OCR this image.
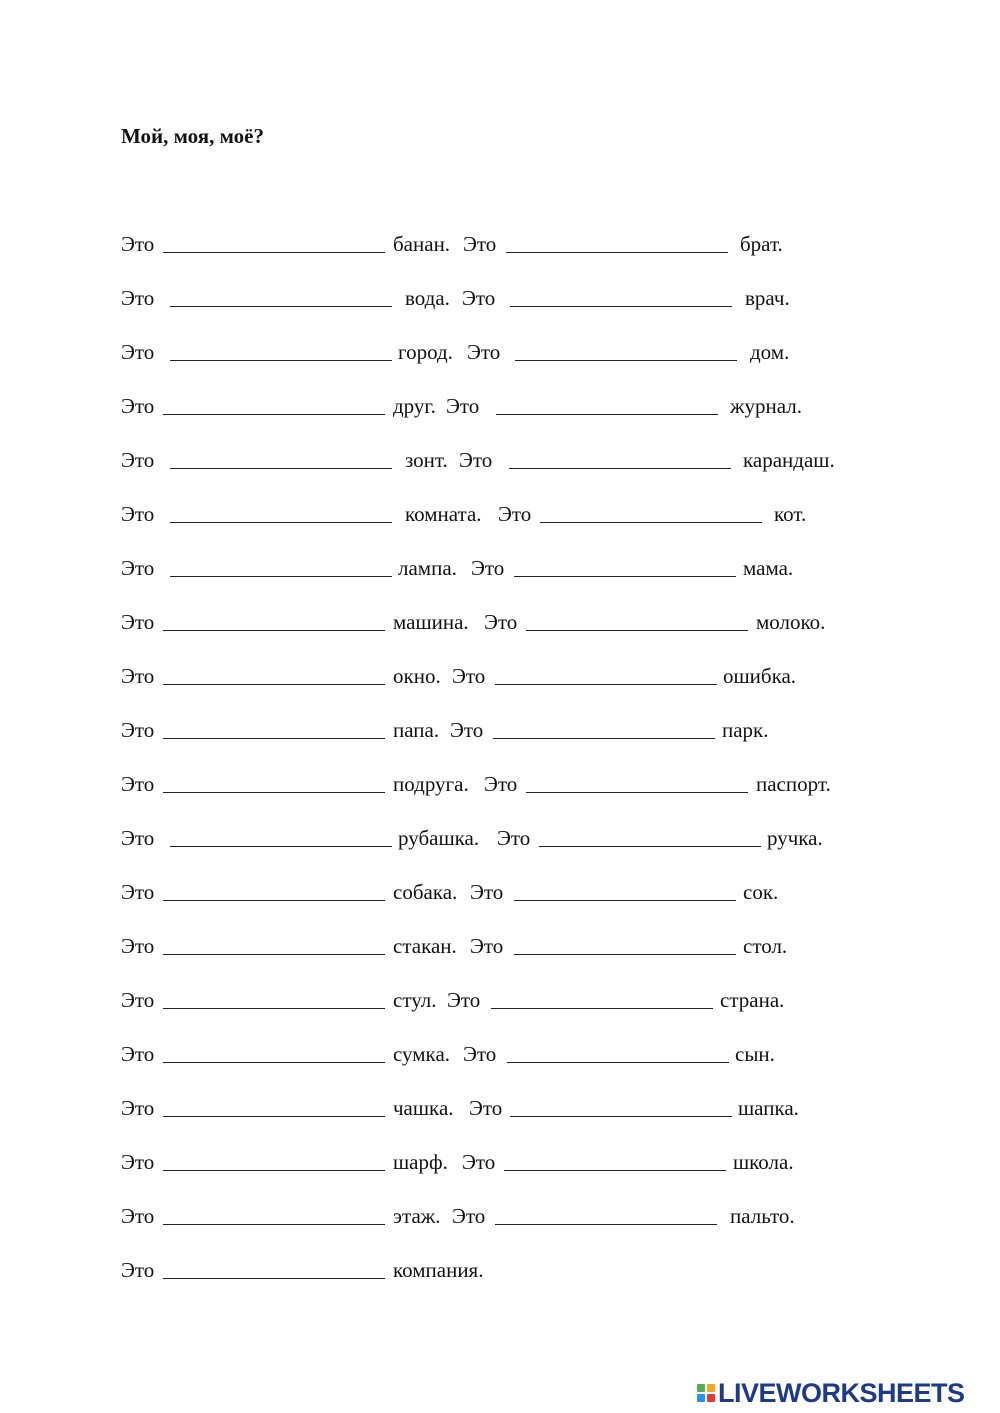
Мой, моя, моё?
Это	банан. Это	брат.
Это	вода. Это	врач.
Это	город. Это	дом.
Это	друг. Это	журнал.
Это	зонт. Это	карандаш.
Это	комната. Это	кот.
Это	лампа. Это	мама.
Это	машина. Это	молоко.
Это	окно. Это	ошибка.
Это	папа. Это	парк.
Это	подруга. Это	паспорт.
Это	рубашка. Это	ручка.
Это	собака. Это	сок.
Это	стакан. Это	стол.
Это	стул. Это	страна.
Это	сумка. Это	сын.
Это	чашка. Это	шапка.
Это	шарф. Это	школа.
Это	этаж. Это	пальто.
Это	компания.
LIVEWORKSHEETS
